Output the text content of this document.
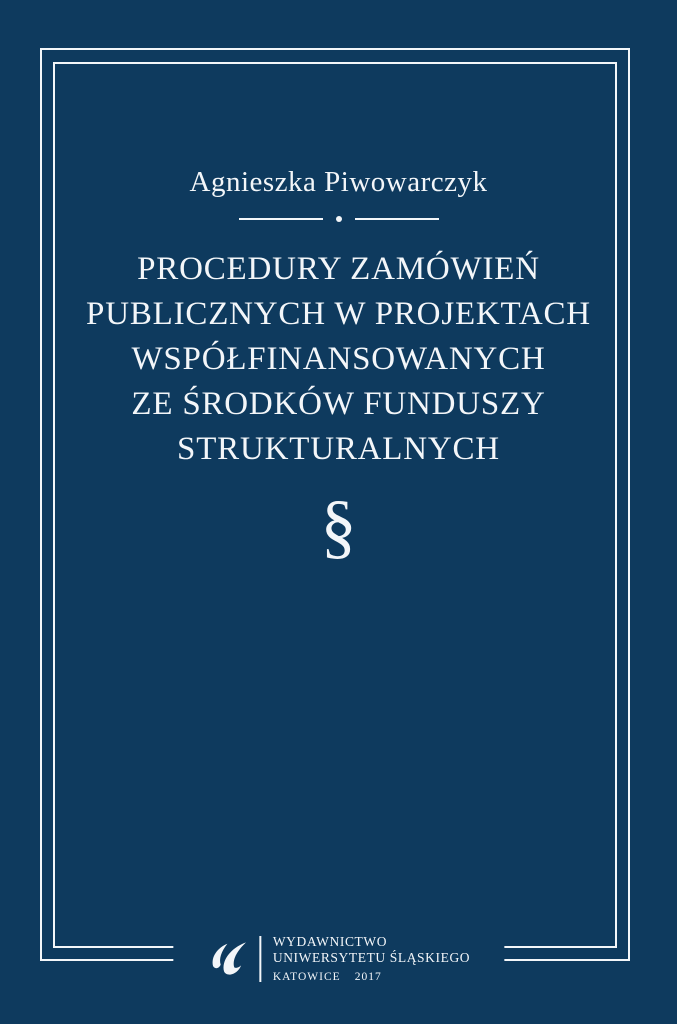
Agnieszka Piwowarczyk
PROCEDURY ZAMÓWIEŃ
PUBLICZNYCH W PROJEKTACH
WSPÓŁFINANSOWANYCH
ZE ŚRODKÓW FUNDUSZY
STRUKTURALNYCH
§
WYDAWNICTWO
UNIWERSYTETU ŚLĄSKIEGO
KATOWICE 2017
